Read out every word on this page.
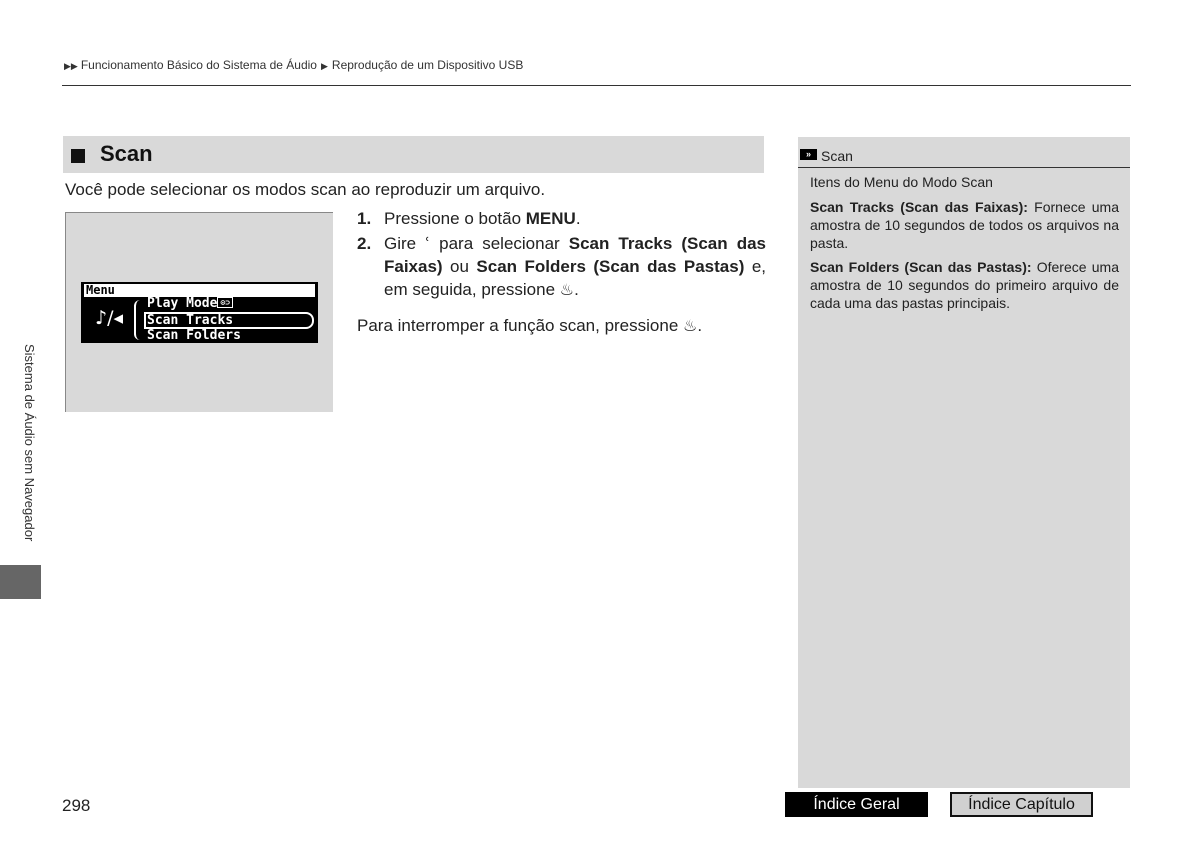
▶▶ Funcionamento Básico do Sistema de Áudio ▶ Reprodução de um Dispositivo USB
Scan
Você pode selecionar os modos scan ao reproduzir um arquivo.
Menu
♪/◂
Play Mode ⊙⊃
Scan Tracks
Scan Folders
1. Pressione o botão MENU.
2. Gire ՙ para selecionar Scan Tracks (Scan das Faixas) ou Scan Folders (Scan das Pastas) e, em seguida, pressione ♨.
Para interromper a função scan, pressione ♨.
» Scan
Itens do Menu do Modo Scan
Scan Tracks (Scan das Faixas): Fornece uma amostra de 10 segundos de todos os arquivos na pasta.
Scan Folders (Scan das Pastas): Oferece uma amostra de 10 segundos do primeiro arquivo de cada uma das pastas principais.
Sistema de Áudio sem Navegador
298	Índice Geral	Índice Capítulo
